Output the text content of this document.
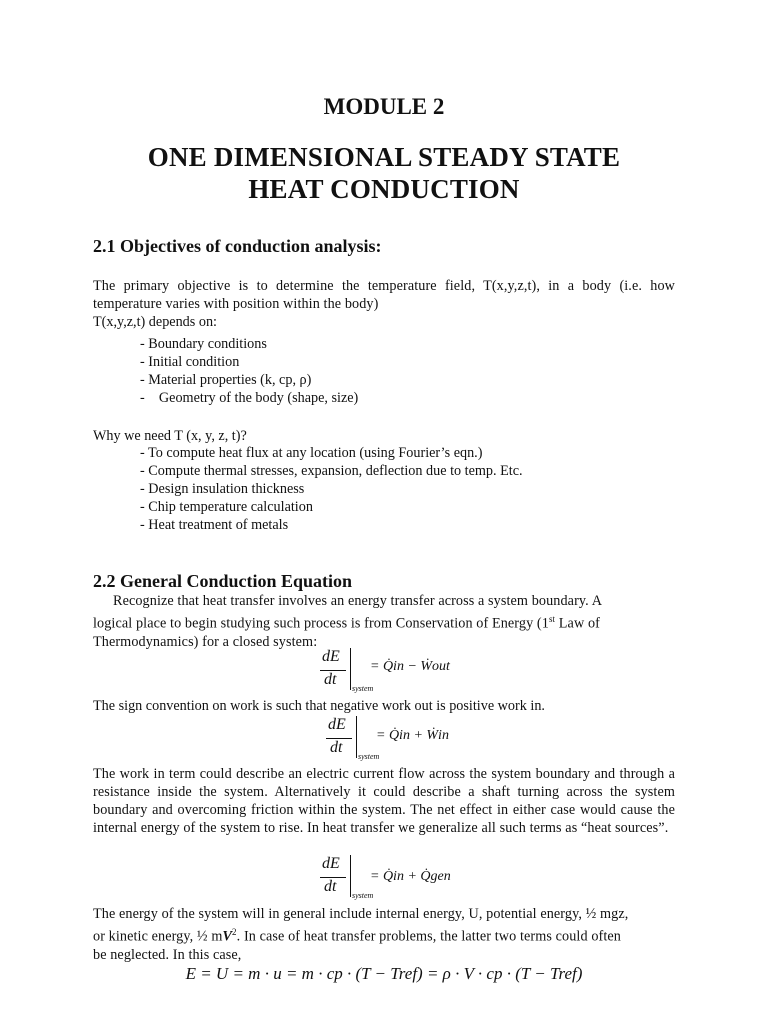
MODULE 2
ONE DIMENSIONAL STEADY STATE
HEAT CONDUCTION
2.1 Objectives of conduction analysis:
The primary objective is to determine the temperature field, T(x,y,z,t), in a body (i.e. how temperature varies with position within the body)
T(x,y,z,t) depends on:
- Boundary conditions
- Initial condition
- Material properties (k, cp, ρ)
-    Geometry of the body (shape, size)
Why we need T (x, y, z, t)?
- To compute heat flux at any location (using Fourier’s eqn.)
- Compute thermal stresses, expansion, deflection due to temp. Etc.
- Design insulation thickness
- Chip temperature calculation
- Heat treatment of metals
2.2 General Conduction Equation
Recognize that heat transfer involves an energy transfer across a system boundary. A
logical place to begin studying such process is from Conservation of Energy (1st Law of
Thermodynamics) for a closed system:
dE
dt
system
= Q̇in − Ẇout
The sign convention on work is such that negative work out is positive work in.
dE
dt
system
= Q̇in + Ẇin
The work in term could describe an electric current flow across the system boundary and through a resistance inside the system. Alternatively it could describe a shaft turning across the system boundary and overcoming friction within the system. The net effect in either case would cause the internal energy of the system to rise. In heat transfer we generalize all such terms as “heat sources”.
dE
dt
system
= Q̇in + Q̇gen
The energy of the system will in general include internal energy, U, potential energy, ½ mgz,
or kinetic energy, ½ $mV^2$. In case of heat transfer problems, the latter two terms could often
be neglected. In this case,
E = U = m · u = m · cp · (T − Tref) = ρ · V · cp · (T − Tref)
